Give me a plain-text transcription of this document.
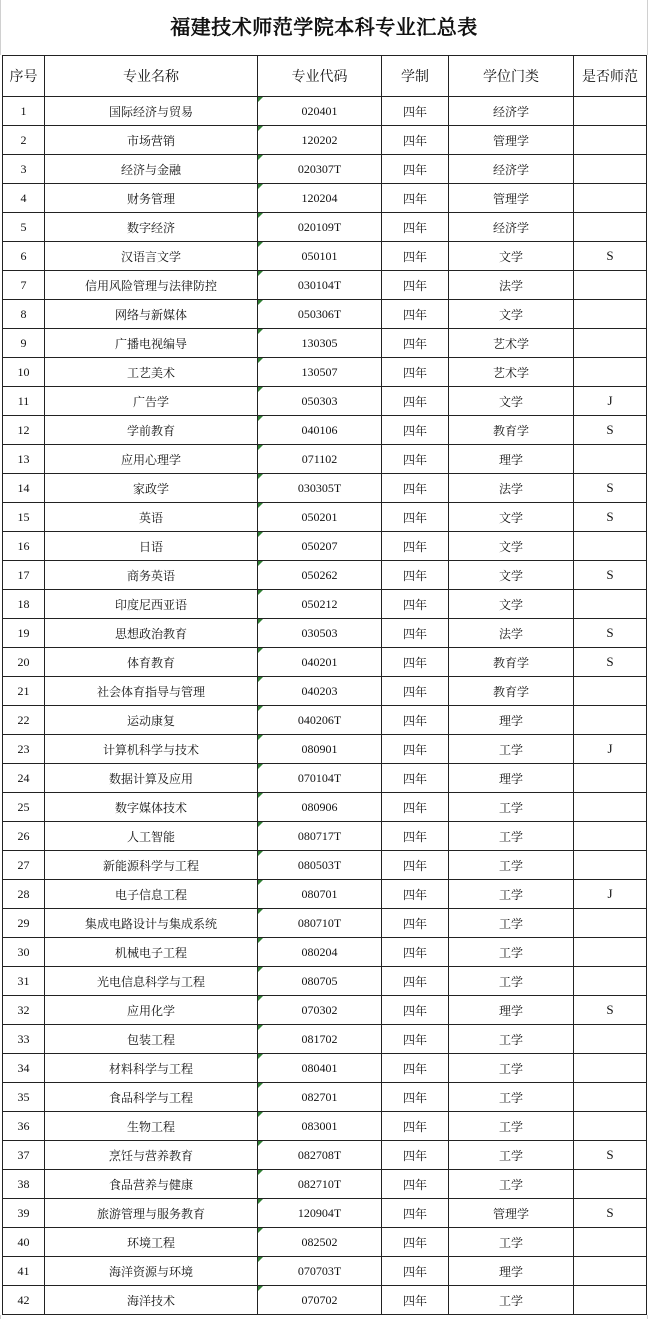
福建技术师范学院本科专业汇总表
序号	专业名称	专业代码	学制	学位门类	是否师范
1	国际经济与贸易	020401	四年	经济学	
2	市场营销	120202	四年	管理学	
3	经济与金融	020307T	四年	经济学	
4	财务管理	120204	四年	管理学	
5	数字经济	020109T	四年	经济学	
6	汉语言文学	050101	四年	文学	S
7	信用风险管理与法律防控	030104T	四年	法学	
8	网络与新媒体	050306T	四年	文学	
9	广播电视编导	130305	四年	艺术学	
10	工艺美术	130507	四年	艺术学	
11	广告学	050303	四年	文学	J
12	学前教育	040106	四年	教育学	S
13	应用心理学	071102	四年	理学	
14	家政学	030305T	四年	法学	S
15	英语	050201	四年	文学	S
16	日语	050207	四年	文学	
17	商务英语	050262	四年	文学	S
18	印度尼西亚语	050212	四年	文学	
19	思想政治教育	030503	四年	法学	S
20	体育教育	040201	四年	教育学	S
21	社会体育指导与管理	040203	四年	教育学	
22	运动康复	040206T	四年	理学	
23	计算机科学与技术	080901	四年	工学	J
24	数据计算及应用	070104T	四年	理学	
25	数字媒体技术	080906	四年	工学	
26	人工智能	080717T	四年	工学	
27	新能源科学与工程	080503T	四年	工学	
28	电子信息工程	080701	四年	工学	J
29	集成电路设计与集成系统	080710T	四年	工学	
30	机械电子工程	080204	四年	工学	
31	光电信息科学与工程	080705	四年	工学	
32	应用化学	070302	四年	理学	S
33	包装工程	081702	四年	工学	
34	材料科学与工程	080401	四年	工学	
35	食品科学与工程	082701	四年	工学	
36	生物工程	083001	四年	工学	
37	烹饪与营养教育	082708T	四年	工学	S
38	食品营养与健康	082710T	四年	工学	
39	旅游管理与服务教育	120904T	四年	管理学	S
40	环境工程	082502	四年	工学	
41	海洋资源与环境	070703T	四年	理学	
42	海洋技术	070702	四年	工学	
